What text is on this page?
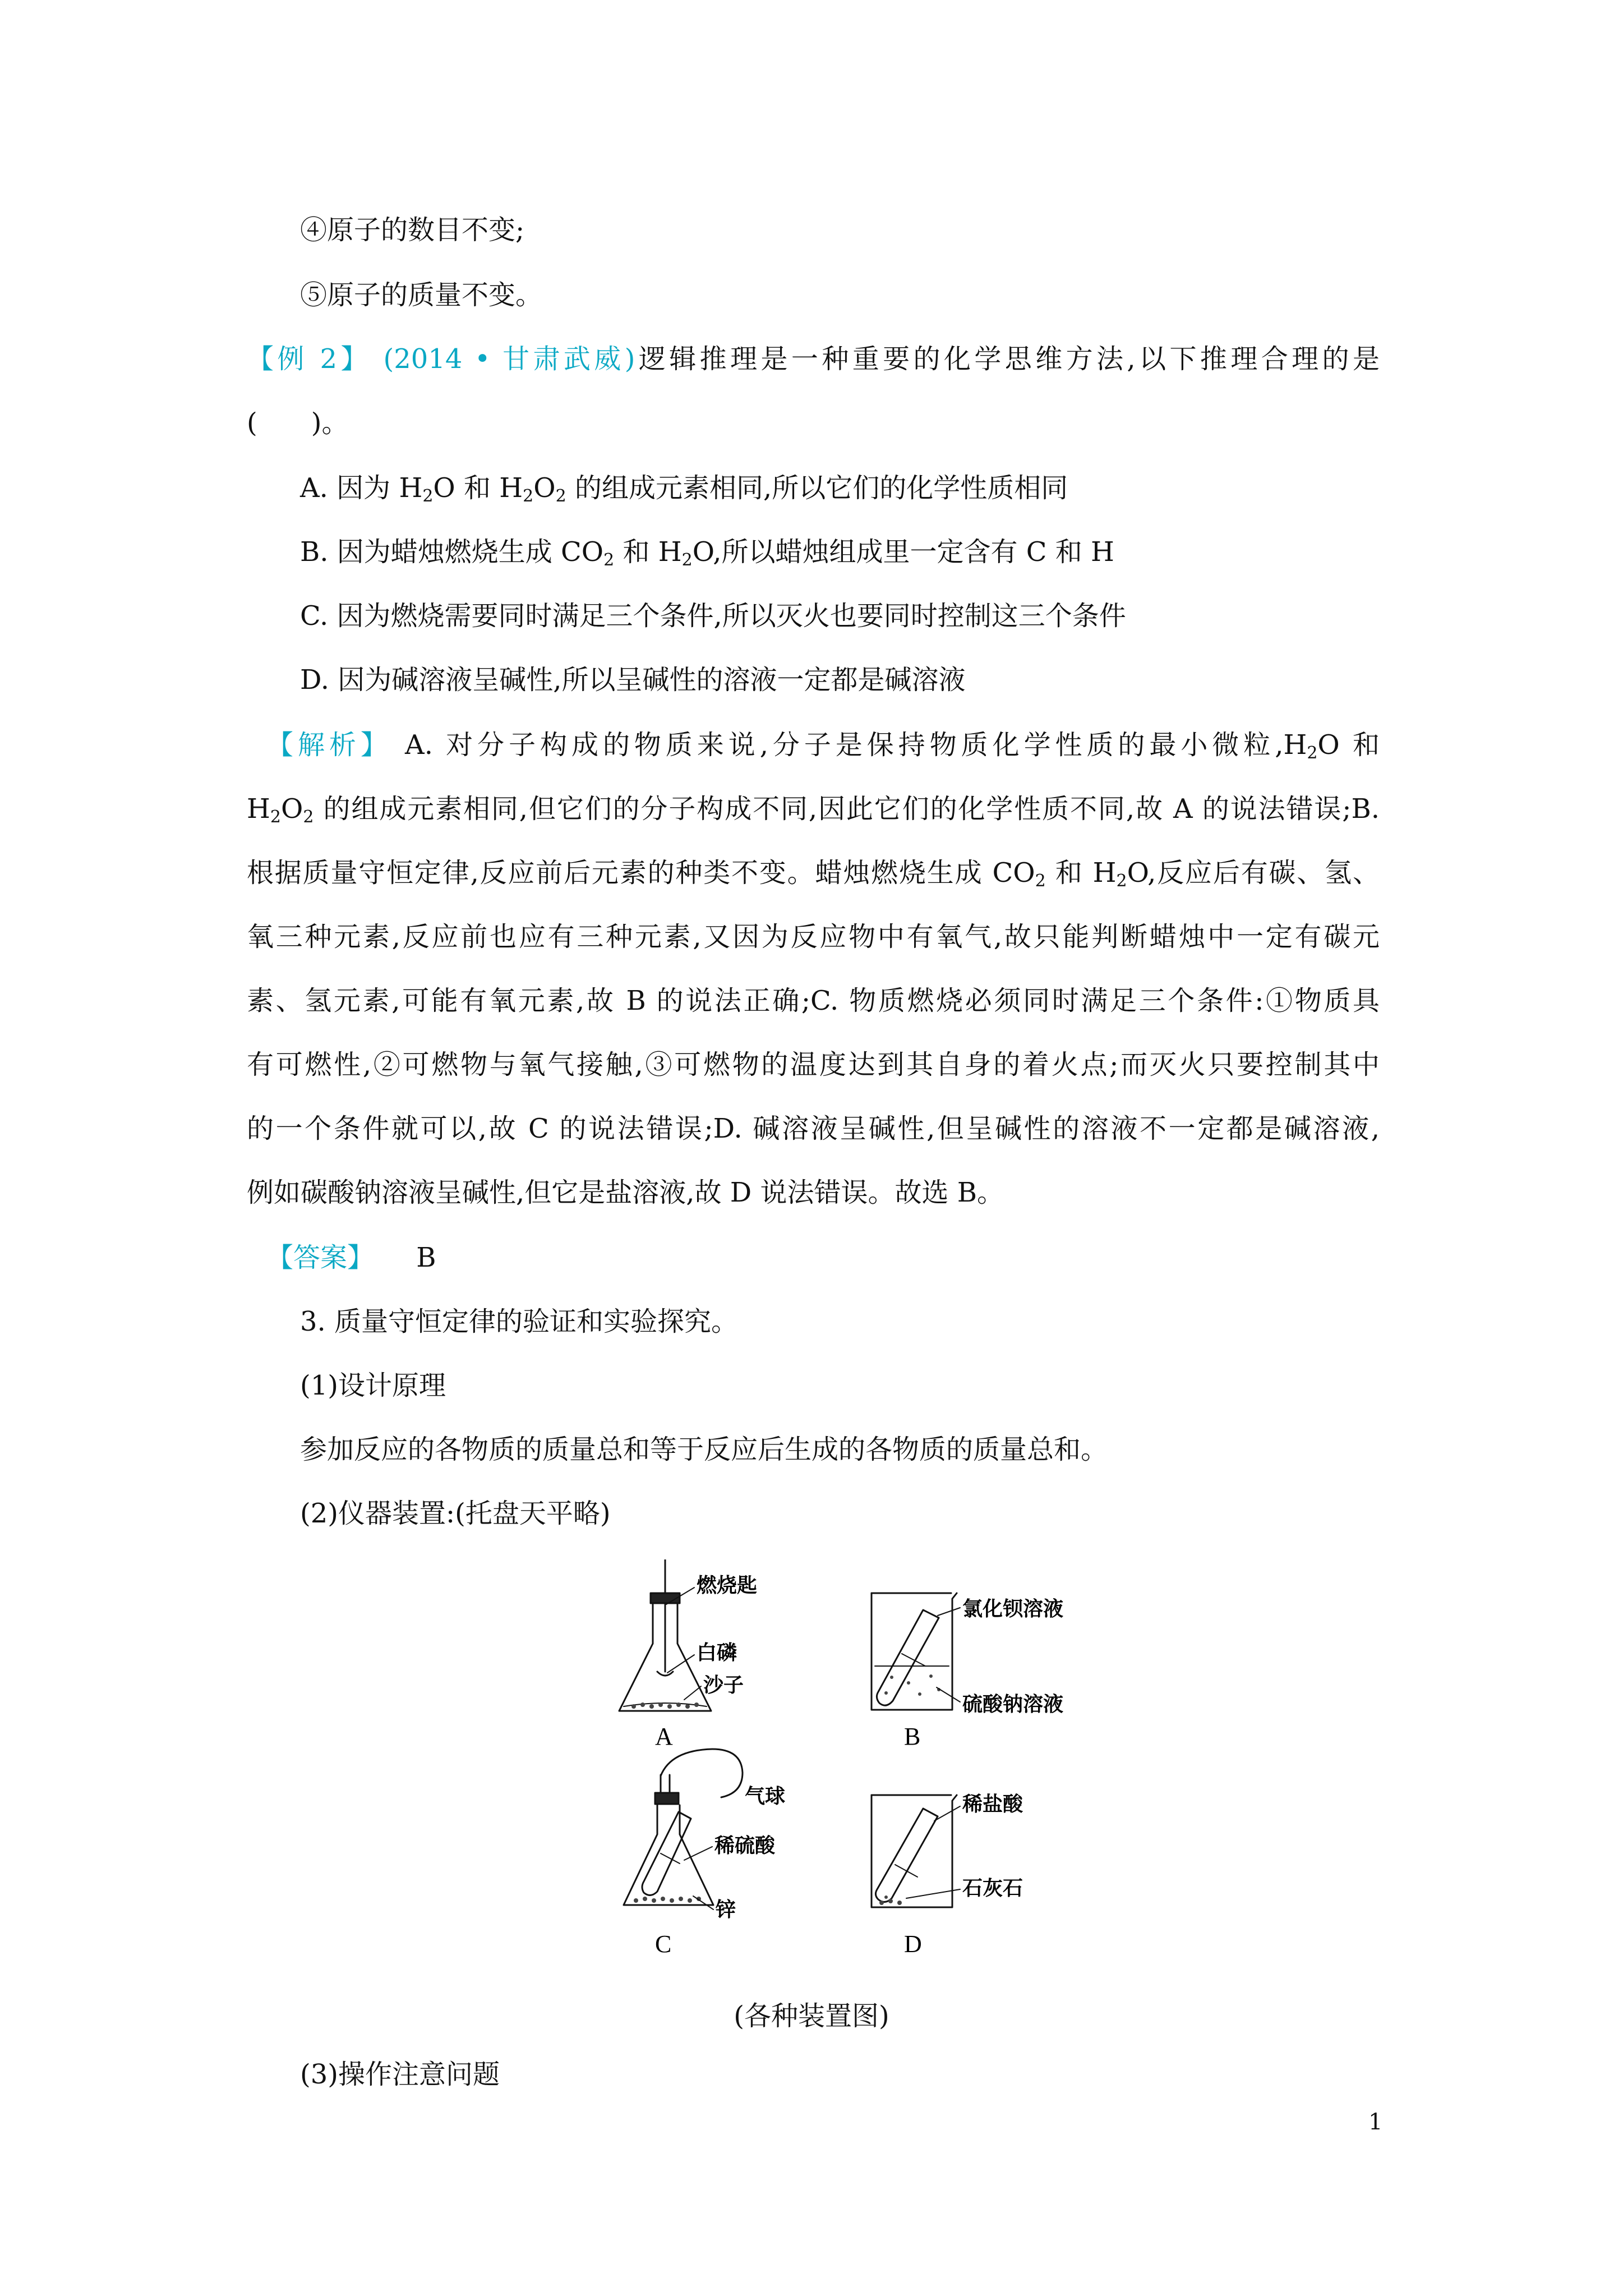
④原子的数目不变;
⑤原子的质量不变。
【例 2】 (2014 • 甘肃武威)逻辑推理是一种重要的化学思维方法,以下推理合理的是
(　　)。
A. 因为 $H_2O$ 和 $H_2O_2$ 的组成元素相同,所以它们的化学性质相同
B. 因为蜡烛燃烧生成 $CO_2$ 和 $H_2O$,所以蜡烛组成里一定含有 C 和 H
C. 因为燃烧需要同时满足三个条件,所以灭火也要同时控制这三个条件
D. 因为碱溶液呈碱性,所以呈碱性的溶液一定都是碱溶液
【解析】 A. 对分子构成的物质来说,分子是保持物质化学性质的最小微粒$,H_2O$ 和
$H_2O_2$ 的组成元素相同,但它们的分子构成不同,因此它们的化学性质不同,故 A 的说法错误;B.
根据质量守恒定律,反应前后元素的种类不变。蜡烛燃烧生成 $CO_2$ 和 $H_2O$,反应后有碳、氢、
氧三种元素,反应前也应有三种元素,又因为反应物中有氧气,故只能判断蜡烛中一定有碳元
素、氢元素,可能有氧元素,故 B 的说法正确;C. 物质燃烧必须同时满足三个条件:①物质具
有可燃性,②可燃物与氧气接触,③可燃物的温度达到其自身的着火点;而灭火只要控制其中
的一个条件就可以,故 C 的说法错误;D. 碱溶液呈碱性,但呈碱性的溶液不一定都是碱溶液,
例如碳酸钠溶液呈碱性,但它是盐溶液,故 D 说法错误。故选 B。
【答案】 B
3. 质量守恒定律的验证和实验探究。
(1)设计原理
参加反应的各物质的质量总和等于反应后生成的各物质的质量总和。
(2)仪器装置:(托盘天平略)
燃烧匙
白磷
沙子
A
氯化钡溶液
硫酸钠溶液
B
气球
稀硫酸
锌
C
稀盐酸
石灰石
D
(各种装置图)
(3)操作注意问题
1
